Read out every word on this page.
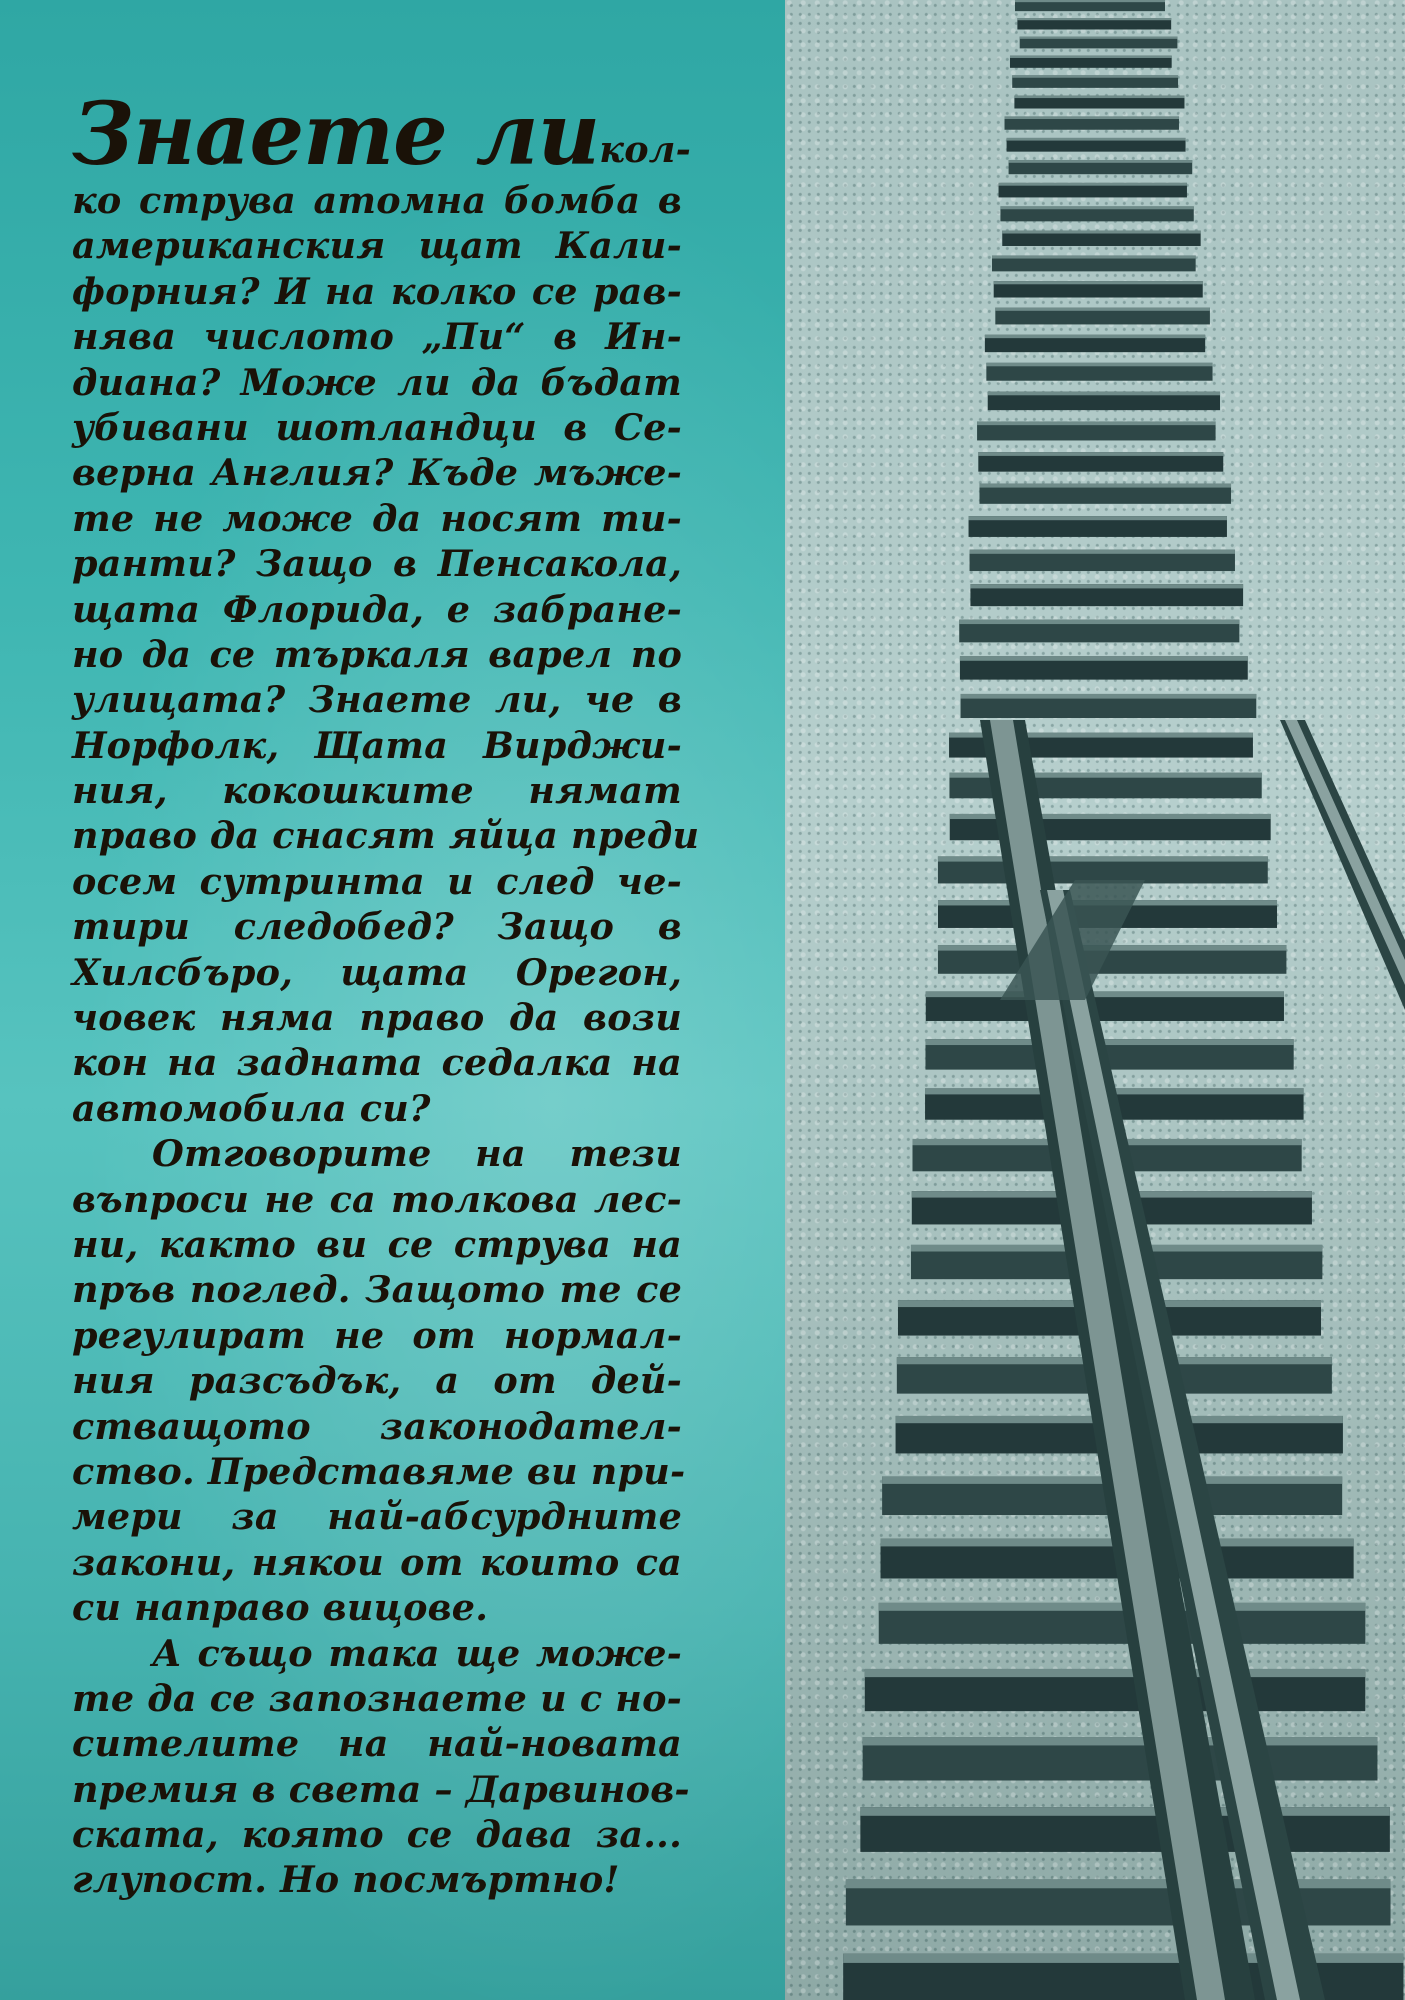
Знаете ли кол-
ко струва атомна бомба в
американския щат Кали-
форния? И на колко се рав-
нява числото „Пи“ в Ин-
диана? Може ли да бъдат
убивани шотландци в Се-
верна Англия? Къде мъже-
те не може да носят ти-
ранти? Защо в Пенсакола,
щата Флорида, е забране-
но да се търкаля варел по
улицата? Знаете ли, че в
Норфолк, Щата Вирджи-
ния, кокошките нямат
право да снасят яйца преди
осем сутринта и след че-
тири следобед? Защо в
Хилсбъро, щата Орегон,
човек няма право да вози
кон на задната седалка на
автомобила си?
Отговорите на тези
въпроси не са толкова лес-
ни, както ви се струва на
пръв поглед. Защото те се
регулират не от нормал-
ния разсъдък, а от дей-
стващото законодател-
ство. Представяме ви при-
мери за най-абсурдните
закони, някои от които са
си направо вицове.
А също така ще може-
те да се запознаете и с но-
сителите на най-новата
премия в света – Дарвинов-
ската, която се дава за...
глупост. Но посмъртно!
